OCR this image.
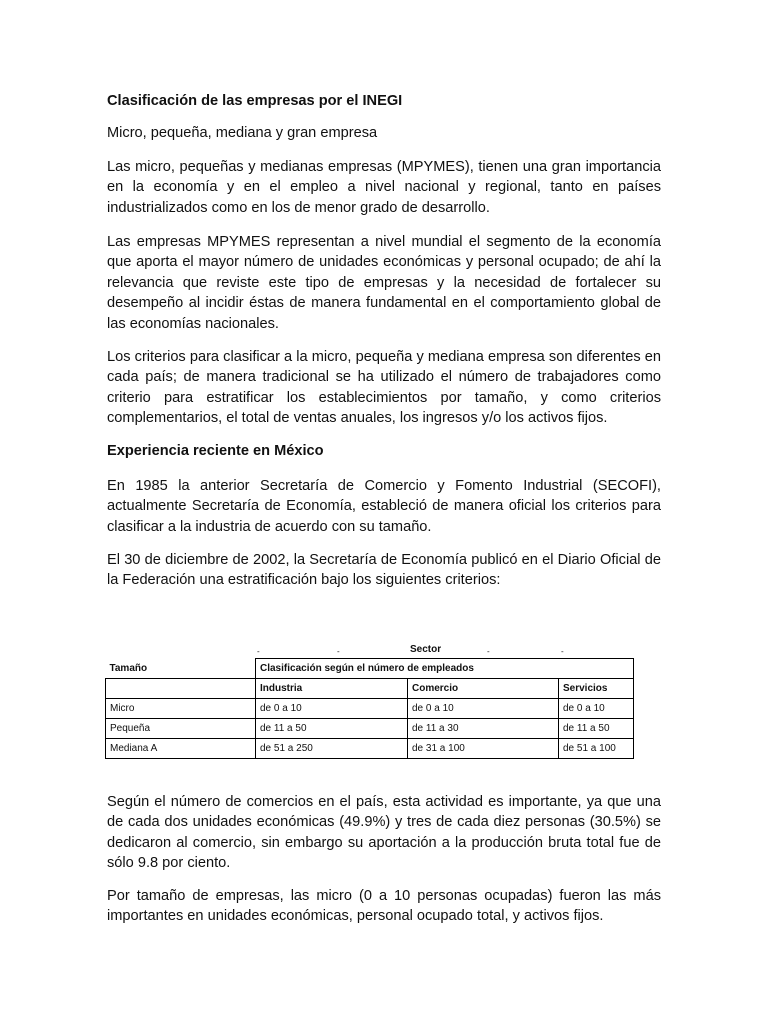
Clasificación de las empresas por el INEGI

Micro, pequeña, mediana y gran empresa

Las micro, pequeñas y medianas empresas (MPYMES), tienen una gran importancia en la economía y en el empleo a nivel nacional y regional, tanto en países industrializados como en los de menor grado de desarrollo.

Las empresas MPYMES representan a nivel mundial el segmento de la economía que aporta el mayor número de unidades económicas y personal ocupado; de ahí la relevancia que reviste este tipo de empresas y la necesidad de fortalecer su desempeño al incidir éstas de manera fundamental en el comportamiento global de las economías nacionales.

Los criterios para clasificar a la micro, pequeña y mediana empresa son diferentes en cada país; de manera tradicional se ha utilizado el número de trabajadores como criterio para estratificar los establecimientos por tamaño, y como criterios complementarios, el total de ventas anuales, los ingresos y/o los activos fijos.

Experiencia reciente en México

En 1985 la anterior Secretaría de Comercio y Fomento Industrial (SECOFI), actualmente Secretaría de Economía, estableció de manera oficial los criterios para clasificar a la industria de acuerdo con su tamaño.

El 30 de diciembre de 2002, la Secretaría de Economía publicó en el Diario Oficial de la Federación una estratificación bajo los siguientes criterios:

Según el número de comercios en el país, esta actividad es importante, ya que una de cada dos unidades económicas (49.9%) y tres de cada diez personas (30.5%) se dedicaron al comercio, sin embargo su aportación a la producción bruta total fue de sólo 9.8 por ciento.

Por tamaño de empresas, las micro (0 a 10 personas ocupadas) fueron las más importantes en unidades económicas, personal ocupado total, y activos fijos.

-	-	Sector	-	-
Tamaño	Clasificación según el número de empleados		
	Industria	Comercio	Servicios
Micro	de 0 a 10	de 0 a 10	de 0 a 10
Pequeña	de 11 a 50	de 11 a 30	de 11 a 50
Mediana A	de 51 a 250	de 31 a 100	de 51 a 100
